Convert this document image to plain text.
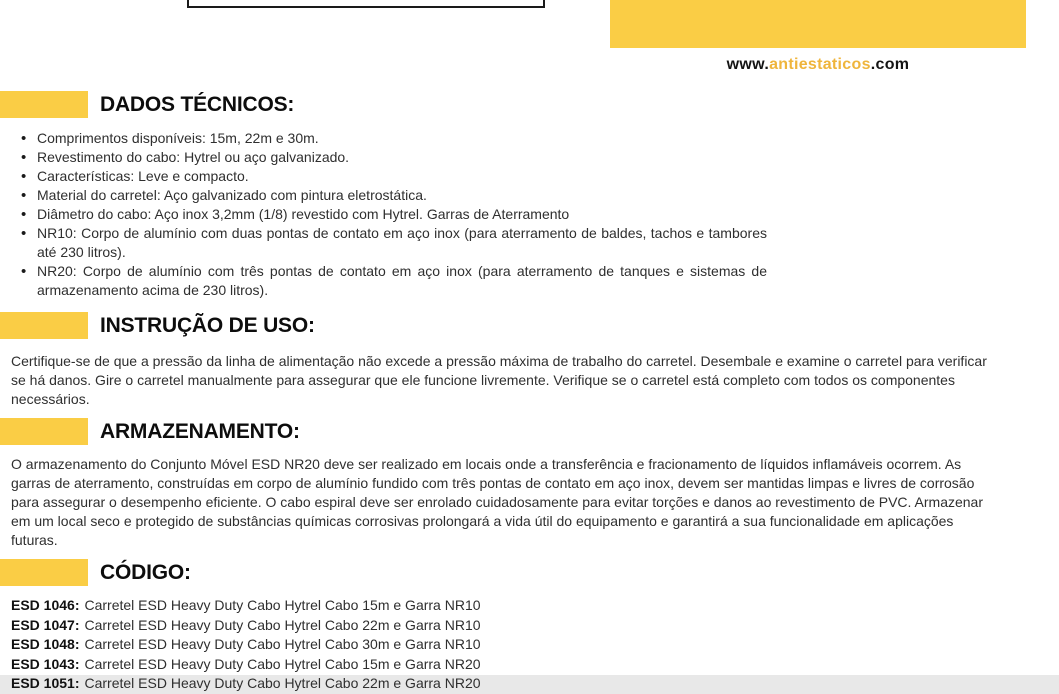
www.antiestaticos.com
DADOS TÉCNICOS:
• Comprimentos disponíveis: 15m, 22m e 30m.
• Revestimento do cabo: Hytrel ou aço galvanizado.
• Características: Leve e compacto.
• Material do carretel: Aço galvanizado com pintura eletrostática.
• Diâmetro do cabo: Aço inox 3,2mm (1/8) revestido com Hytrel. Garras de Aterramento
• NR10: Corpo de alumínio com duas pontas de contato em aço inox (para aterramento de baldes, tachos e tambores até 230 litros).
• NR20: Corpo de alumínio com três pontas de contato em aço inox (para aterramento de tanques e sistemas de armazenamento acima de 230 litros).
INSTRUÇÃO DE USO:

Certifique-se de que a pressão da linha de alimentação não excede a pressão máxima de trabalho do carretel. Desembale e examine o carretel para verificar se há danos. Gire o carretel manualmente para assegurar que ele funcione livremente. Verifique se o carretel está completo com todos os componentes necessários.

ARMAZENAMENTO:

O armazenamento do Conjunto Móvel ESD NR20 deve ser realizado em locais onde a transferência e fracionamento de líquidos inflamáveis ocorrem. As garras de aterramento, construídas em corpo de alumínio fundido com três pontas de contato em aço inox, devem ser mantidas limpas e livres de corrosão para assegurar o desempenho eficiente. O cabo espiral deve ser enrolado cuidadosamente para evitar torções e danos ao revestimento de PVC. Armazenar em um local seco e protegido de substâncias químicas corrosivas prolongará a vida útil do equipamento e garantirá a sua funcionalidade em aplicações futuras.

CÓDIGO:
ESD 1046: Carretel ESD Heavy Duty Cabo Hytrel Cabo 15m e Garra NR10
ESD 1047: Carretel ESD Heavy Duty Cabo Hytrel Cabo 22m e Garra NR10
ESD 1048: Carretel ESD Heavy Duty Cabo Hytrel Cabo 30m e Garra NR10
ESD 1043: Carretel ESD Heavy Duty Cabo Hytrel Cabo 15m e Garra NR20
ESD 1051: Carretel ESD Heavy Duty Cabo Hytrel Cabo 22m e Garra NR20
